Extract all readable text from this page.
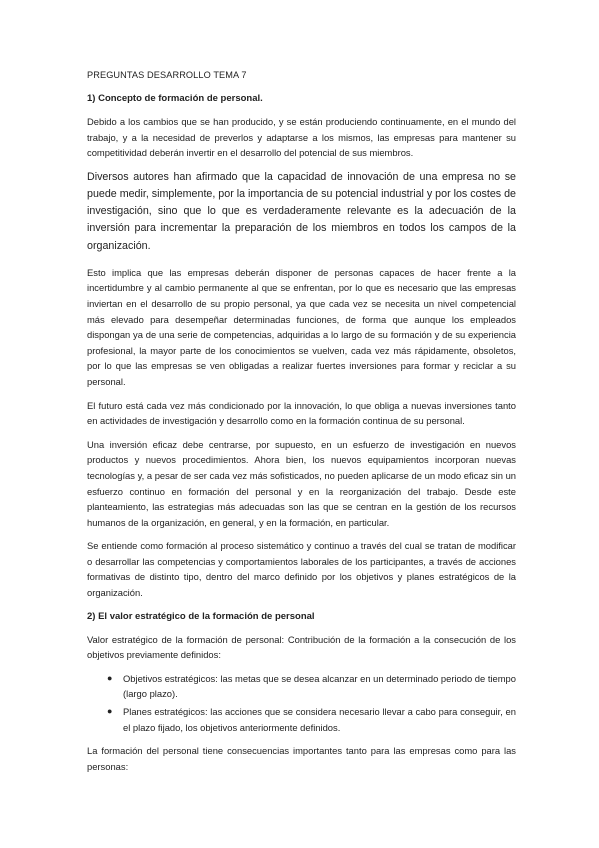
PREGUNTAS DESARROLLO TEMA 7
1) Concepto de formación de personal.

Debido a los cambios que se han producido, y se están produciendo continuamente, en el mundo del trabajo, y a la necesidad de preverlos y adaptarse a los mismos, las empresas para mantener su competitividad deberán invertir en el desarrollo del potencial de sus miembros.

Diversos autores han afirmado que la capacidad de innovación de una empresa no se puede medir, simplemente, por la importancia de su potencial industrial y por los costes de investigación, sino que lo que es verdaderamente relevante es la adecuación de la inversión para incrementar la preparación de los miembros en todos los campos de la organización.

Esto implica que las empresas deberán disponer de personas capaces de hacer frente a la incertidumbre y al cambio permanente al que se enfrentan, por lo que es necesario que las empresas inviertan en el desarrollo de su propio personal, ya que cada vez se necesita un nivel competencial más elevado para desempeñar determinadas funciones, de forma que aunque los empleados dispongan ya de una serie de competencias, adquiridas a lo largo de su formación y de su experiencia profesional, la mayor parte de los conocimientos se vuelven, cada vez más rápidamente, obsoletos, por lo que las empresas se ven obligadas a realizar fuertes inversiones para formar y reciclar a su personal.

El futuro está cada vez más condicionado por la innovación, lo que obliga a nuevas inversiones tanto en actividades de investigación y desarrollo como en la formación continua de su personal.

Una inversión eficaz debe centrarse, por supuesto, en un esfuerzo de investigación en nuevos productos y nuevos procedimientos. Ahora bien, los nuevos equipamientos incorporan nuevas tecnologías y, a pesar de ser cada vez más sofisticados, no pueden aplicarse de un modo eficaz sin un esfuerzo continuo en formación del personal y en la reorganización del trabajo. Desde este planteamiento, las estrategias más adecuadas son las que se centran en la gestión de los recursos humanos de la organización, en general, y en la formación, en particular.

Se entiende como formación al proceso sistemático y continuo a través del cual se tratan de modificar o desarrollar las competencias y comportamientos laborales de los participantes, a través de acciones formativas de distinto tipo, dentro del marco definido por los objetivos y planes estratégicos de la organización.

2) El valor estratégico de la formación de personal

Valor estratégico de la formación de personal: Contribución de la formación a la consecución de los objetivos previamente definidos:

● Objetivos estratégicos: las metas que se desea alcanzar en un determinado periodo de tiempo (largo plazo).
● Planes estratégicos: las acciones que se considera necesario llevar a cabo para conseguir, en el plazo fijado, los objetivos anteriormente definidos.

La formación del personal tiene consecuencias importantes tanto para las empresas como para las personas:
